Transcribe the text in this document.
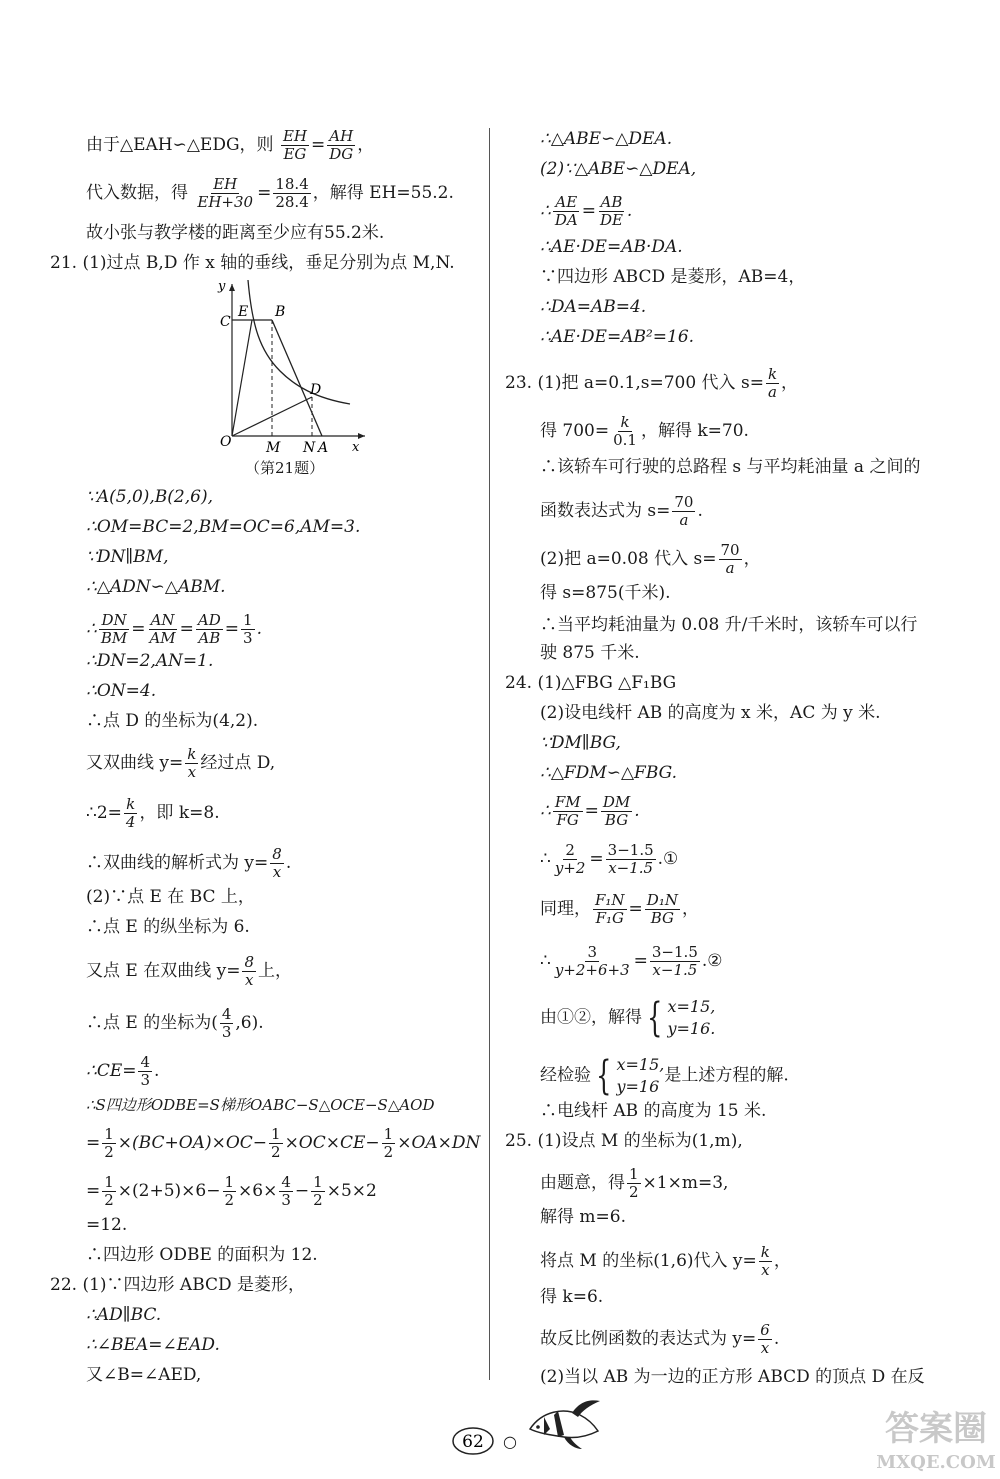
由于△EAH∽△EDG，则 $\frac{EH}{EG} = \frac{AH}{DG}$ ，
代入数据，得 $\frac{EH}{EH+30} = \frac{18.4}{28.4}$ ，解得 EH=55.2.
故小张与教学楼的距离至少应有55.2米.
21. (1)过点 B,D 作 x 轴的垂线，垂足分别为点 M,N.
y
x
O
C
E B
D
M N A
（第21题）
∵A(5,0),B(2,6),
∴OM=BC=2,BM=OC=6,AM=3.
∵DN∥BM,
∴△ADN∽△ABM.
∴ $\frac{DN}{BM} = \frac{AN}{AM} = \frac{AD}{AB} = \frac{1}{3}$ .
∴DN=2,AN=1.
∴ON=4.
∴点 D 的坐标为(4,2).
又双曲线 $y= \frac{k}{x}$ 经过点 D,
∴2= $\frac{k}{4}$ ，即 k=8.
∴双曲线的解析式为 $y= \frac{8}{x}$ .
(2)∵点 E 在 BC 上，
∴点 E 的纵坐标为 6.
又点 E 在双曲线 $y= \frac{8}{x}$ 上，
∴点 E 的坐标为( $\frac{4}{3} ,6$).
∴CE= $\frac{4}{3}$ .
∴S四边形ODBE=S梯形OABC−S△OCE−S△AOD
= $\frac{1}{2} \times(BC+OA)\times OC- \frac{1}{2} \times OC\times CE- \frac{1}{2} \times OA\times DN$
= $\frac{1}{2} \times(2+5)\times 6- \frac{1}{2} \times 6\times \frac{4}{3} - \frac{1}{2} \times 5\times 2$
=12.
∴四边形 ODBE 的面积为 12.
22. (1)∵四边形 ABCD 是菱形，
∴AD∥BC.
∴∠BEA=∠EAD.
又∠B=∠AED,
∴△ABE∽△DEA.
(2)∵△ABE∽△DEA,
∴ $\frac{AE}{DA} = \frac{AB}{DE}$ .
∴AE·DE=AB·DA.
∵四边形 ABCD 是菱形，AB=4，
∴DA=AB=4.
∴AE·DE=AB²=16.
23. (1)把 a=0.1,s=700 代入 $s= \frac{k}{a}$ ，
得 $700= \frac{k}{0.1}$ ，解得 k=70.
∴该轿车可行驶的总路程 s 与平均耗油量 a 之间的
函数表达式为 $s= \frac{70}{a}$ .
(2)把 a=0.08 代入 $s= \frac{70}{a}$ ，
得 s=875(千米).
∴当平均耗油量为 0.08 升/千米时，该轿车可以行
驶 875 千米.
24. (1)△FBG △F₁BG
(2)设电线杆 AB 的高度为 x 米，AC 为 y 米.
∵DM∥BG,
∴△FDM∽△FBG.
∴ $\frac{FM}{FG} = \frac{DM}{BG}$ .
∴ $\frac{2}{y+2} = \frac{3-1.5}{x-1.5}$ .①
同理， $\frac{\text{F₁N}}{\text{F₁G}} = \frac{\text{D₁N}}{BG}$ ，
∴ $\frac{3}{y+2+6+3} = \frac{3-1.5}{x-1.5}$ .②
由①②，解得 { x=15,
y=16.
经检验 { x=15,
y=16
是上述方程的解.
∴电线杆 AB 的高度为 15 米.
25. (1)设点 M 的坐标为(1,m),
由题意，得 $\frac{1}{2} \times 1\times m=3$,
解得 m=6.
将点 M 的坐标(1,6)代入 $y= \frac{k}{x}$ ，
得 k=6.
故反比例函数的表达式为 $y= \frac{6}{x}$ .
(2)当以 AB 为一边的正方形 ABCD 的顶点 D 在反
62 ○	答案圈
MXQE.COM
